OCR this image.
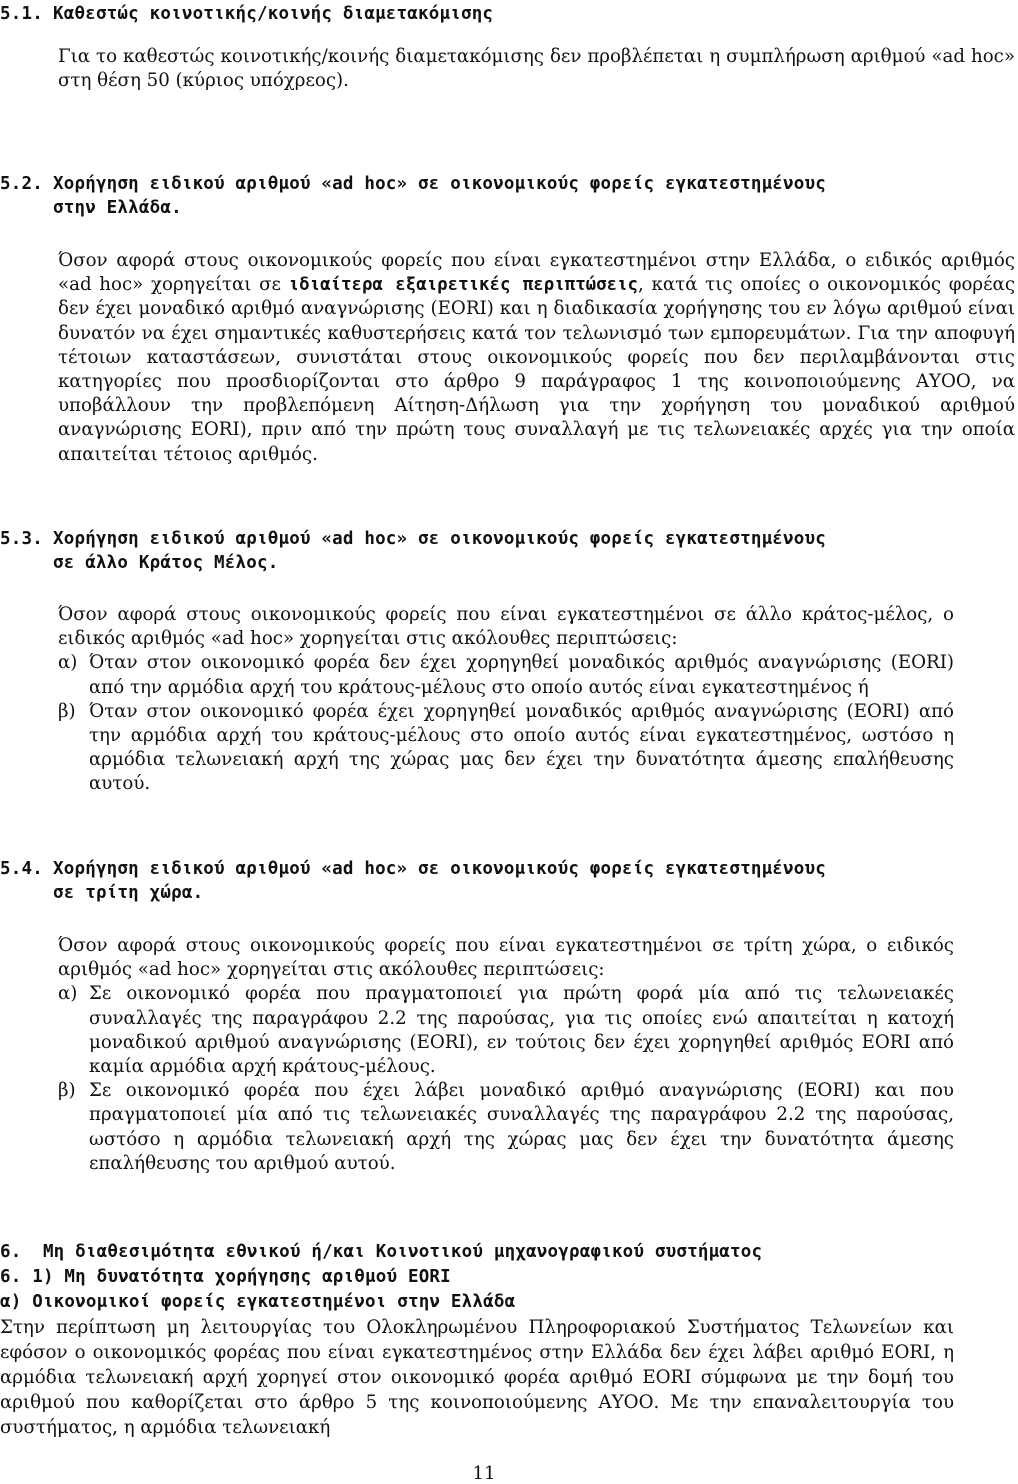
5.1. Καθεστώς κοινοτικής/κοινής διαμετακόμισης
Για το καθεστώς κοινοτικής/κοινής διαμετακόμισης δεν προβλέπεται η συμπλήρωση αριθμού «ad hoc» στη θέση 50 (κύριος υπόχρεος).
5.2. Χορήγηση ειδικού αριθμού «ad hoc» σε οικονομικούς φορείς εγκατεστημένους
στην Ελλάδα.
Όσον αφορά στους οικονομικούς φορείς που είναι εγκατεστημένοι στην Ελλάδα, ο ειδικός αριθμός «ad hoc» χορηγείται σε ιδιαίτερα εξαιρετικές περιπτώσεις, κατά τις οποίες ο οικονομικός φορέας δεν έχει μοναδικό αριθμό αναγνώρισης (EORI) και η διαδικασία χορήγησης του εν λόγω αριθμού είναι δυνατόν να έχει σημαντικές καθυστερήσεις κατά τον τελωνισμό των εμπορευμάτων. Για την αποφυγή τέτοιων καταστάσεων, συνιστάται στους οικονομικούς φορείς που δεν περιλαμβάνονται στις κατηγορίες που προσδιορίζονται στο άρθρο 9 παράγραφος 1 της κοινοποιούμενης ΑΥΟΟ, να υποβάλλουν την προβλεπόμενη Αίτηση-Δήλωση για την χορήγηση του μοναδικού αριθμού αναγνώρισης EORI), πριν από την πρώτη τους συναλλαγή με τις τελωνειακές αρχές για την οποία απαιτείται τέτοιος αριθμός.
5.3. Χορήγηση ειδικού αριθμού «ad hoc» σε οικονομικούς φορείς εγκατεστημένους
σε άλλο Κράτος Μέλος.
Όσον αφορά στους οικονομικούς φορείς που είναι εγκατεστημένοι σε άλλο κράτος-μέλος, ο ειδικός αριθμός «ad hoc» χορηγείται στις ακόλουθες περιπτώσεις:
α) Όταν στον οικονομικό φορέα δεν έχει χορηγηθεί μοναδικός αριθμός αναγνώρισης (EORI) από την αρμόδια αρχή του κράτους-μέλους στο οποίο αυτός είναι εγκατεστημένος ή
β) Όταν στον οικονομικό φορέα έχει χορηγηθεί μοναδικός αριθμός αναγνώρισης (EORI) από την αρμόδια αρχή του κράτους-μέλους στο οποίο αυτός είναι εγκατεστημένος, ωστόσο η αρμόδια τελωνειακή αρχή της χώρας μας δεν έχει την δυνατότητα άμεσης επαλήθευσης αυτού.
5.4. Χορήγηση ειδικού αριθμού «ad hoc» σε οικονομικούς φορείς εγκατεστημένους
σε τρίτη χώρα.
Όσον αφορά στους οικονομικούς φορείς που είναι εγκατεστημένοι σε τρίτη χώρα, ο ειδικός αριθμός «ad hoc» χορηγείται στις ακόλουθες περιπτώσεις:
α) Σε οικονομικό φορέα που πραγματοποιεί για πρώτη φορά μία από τις τελωνειακές συναλλαγές της παραγράφου 2.2 της παρούσας, για τις οποίες ενώ απαιτείται η κατοχή μοναδικού αριθμού αναγνώρισης (EORI), εν τούτοις δεν έχει χορηγηθεί αριθμός EORI από καμία αρμόδια αρχή κράτους-μέλους.
β) Σε οικονομικό φορέα που έχει λάβει μοναδικό αριθμό αναγνώρισης (EORI) και που πραγματοποιεί μία από τις τελωνειακές συναλλαγές της παραγράφου 2.2 της παρούσας, ωστόσο η αρμόδια τελωνειακή αρχή της χώρας μας δεν έχει την δυνατότητα άμεσης επαλήθευσης του αριθμού αυτού.
6.  Μη διαθεσιμότητα εθνικού ή/και Κοινοτικού μηχανογραφικού συστήματος
6. 1) Μη δυνατότητα χορήγησης αριθμού EORI
α) Οικονομικοί φορείς εγκατεστημένοι στην Ελλάδα
Στην περίπτωση μη λειτουργίας του Ολοκληρωμένου Πληροφοριακού Συστήματος Τελωνείων και εφόσον ο οικονομικός φορέας που είναι εγκατεστημένος στην Ελλάδα δεν έχει λάβει αριθμό EORI, η αρμόδια τελωνειακή αρχή χορηγεί στον οικονομικό φορέα αριθμό EORI σύμφωνα με την δομή του αριθμού που καθορίζεται στο άρθρο 5 της κοινοποιούμενης ΑΥΟΟ. Με την επαναλειτουργία του συστήματος, η αρμόδια τελωνειακή
11
